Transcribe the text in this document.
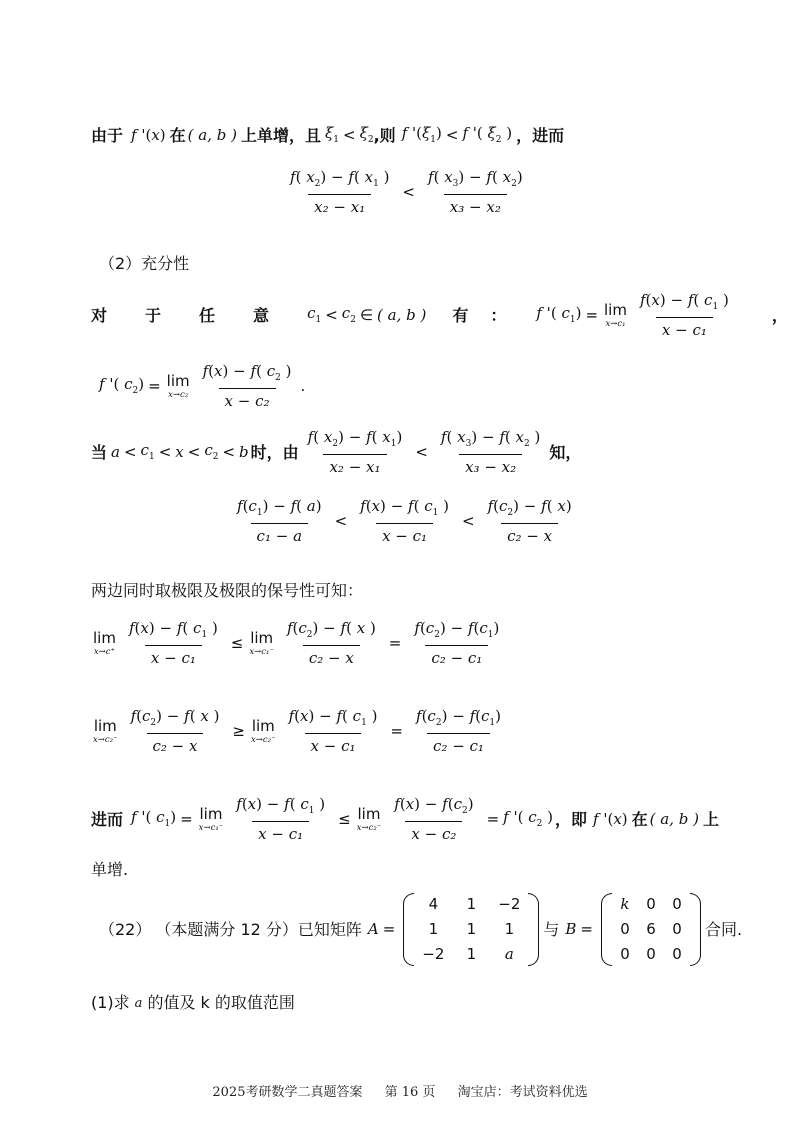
由于 f '(x) 在 ( a, b ) 上单增，且 $\xi_1 < \xi_2$ ,则 f '$(\xi_1) < f$ '( $\xi_2$ ) ，进而
$\frac{f( x_2) - f( x_1 )}{\text{x₂ − x₁}} < \frac{f( x_3) - f( x_2)}{\text{x₃ − x₂}}$
（2）充分性
对 于 任 意	$c_1 < c_2$ ∈ ( a, b ) 有 ： f '( $c_1) = \lim$
$x\to c_1 \frac{f(x) - f( c_1 )}{\text{x − c₁}}$ ，
f '( $c_2) = \lim$
$x\to c_2 \frac{f(x) - f( c_2 )}{\text{x − c₂}}$ .
当 $a < c_1 < x < c_2 < b$ 时，由 $\frac{f( x_2) - f( x_1)}{\text{x₂ − x₁}} < \frac{f( x_3) - f( x_2 )}{\text{x₃ − x₂}}$ 知，
$\frac{f(c_1) - f( a)}{\text{c₁ − a}} < \frac{f(x) - f( c_1 )}{\text{x − c₁}} < \frac{f(c_2) - f( x)}{\text{c₂ − x}}$
两边同时取极限及极限的保号性可知：
lim
$x\to c^+ \frac{f(x) - f( c_1 )}{\text{x − c₁}} \le \lim$
$x\to c_1^- \frac{f(c_2) - f( x )}{\text{c₂ − x}} = \frac{f(c_2) - f(c_1)}{\text{c₂ − c₁}}$
lim
$x\to c_2^- \frac{f(c_2) - f( x )}{\text{c₂ − x}} \ge \lim$
$x\to c_2^- \frac{f(x) - f( c_1 )}{\text{x − c₁}} = \frac{f(c_2) - f(c_1)}{\text{c₂ − c₁}}$
进而 f '( $c_1) = \lim$
$x\to c_1^- \frac{f(x) - f( c_1 )}{\text{x − c₁}} \le \lim$
$x\to c_2^- \frac{f(x) - f(c_2)}{\text{x − c₂}} = f$ '( $c_2$ ) ，即 f '(x) 在 ( a, b ) 上
单增.
（22） （本题满分 12 分）已知矩阵 A =
4	1	−2
1	1	1
−2	1	a
与 B =
k	0	0
0	6	0
0	0	0
合同.
(1)求 a 的值及 k 的取值范围
2025考研数学二真题答案 第 16 页 淘宝店：考试资料优选
